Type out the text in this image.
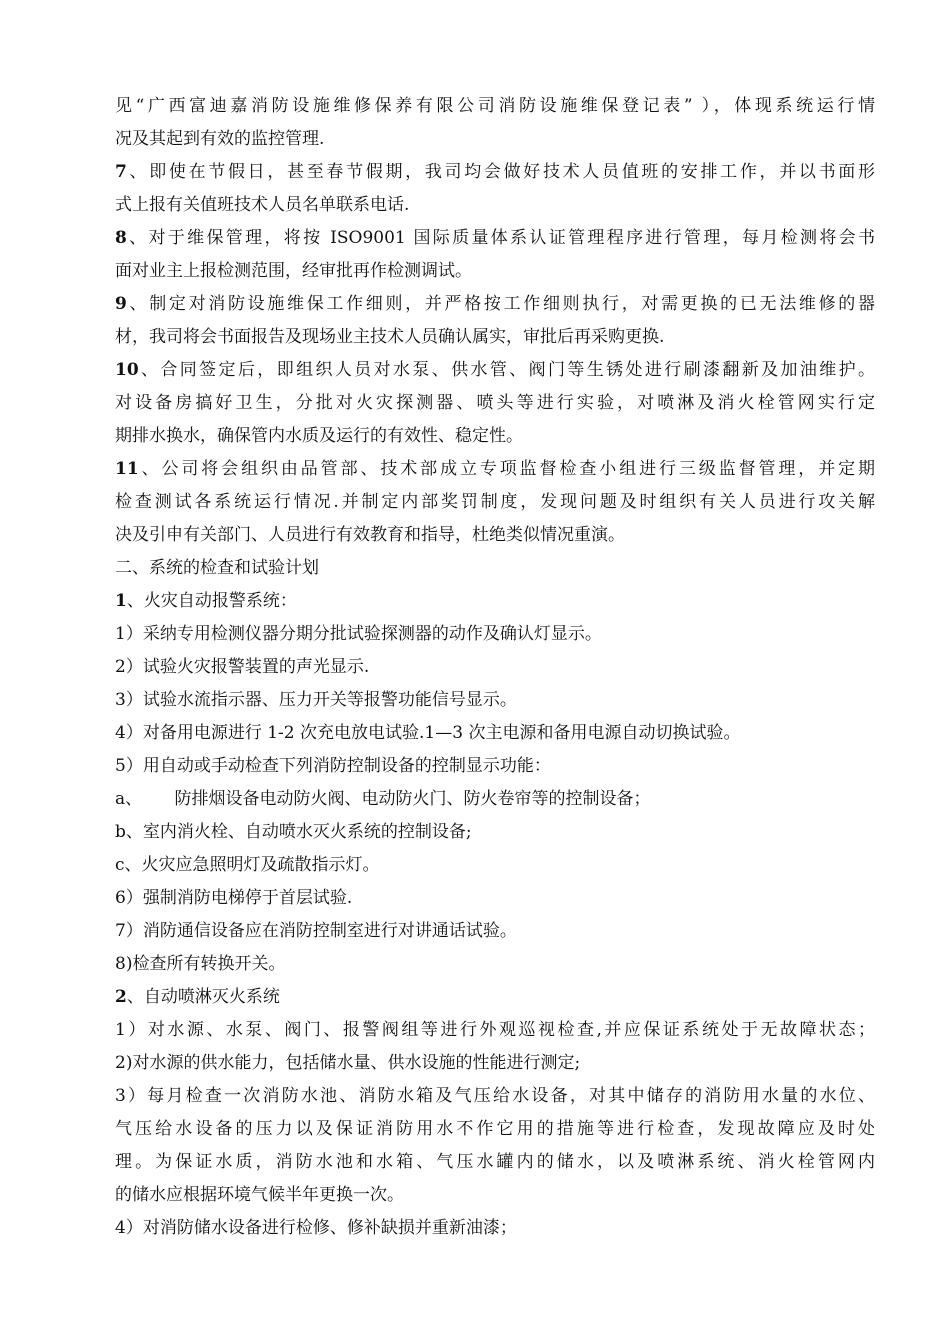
见“广西富迪嘉消防设施维修保养有限公司消防设施维保登记表” ），体现系统运行情
况及其起到有效的监控管理.
7、即使在节假日，甚至春节假期，我司均会做好技术人员值班的安排工作，并以书面形
式上报有关值班技术人员名单联系电话.
8、对于维保管理，将按 ISO9001 国际质量体系认证管理程序进行管理，每月检测将会书
面对业主上报检测范围，经审批再作检测调试。
9、制定对消防设施维保工作细则，并严格按工作细则执行，对需更换的已无法维修的器
材，我司将会书面报告及现场业主技术人员确认属实，审批后再采购更换.
10、合同签定后，即组织人员对水泵、供水管、阀门等生锈处进行刷漆翻新及加油维护。
对设备房搞好卫生，分批对火灾探测器、喷头等进行实验，对喷淋及消火栓管网实行定
期排水换水，确保管内水质及运行的有效性、稳定性。
11、公司将会组织由品管部、技术部成立专项监督检查小组进行三级监督管理，并定期
检查测试各系统运行情况.并制定内部奖罚制度，发现问题及时组织有关人员进行攻关解
决及引申有关部门、人员进行有效教育和指导，杜绝类似情况重演。
二、系统的检查和试验计划
1、火灾自动报警系统：
1）采纳专用检测仪器分期分批试验探测器的动作及确认灯显示。
2）试验火灾报警装置的声光显示.
3）试验水流指示器、压力开关等报警功能信号显示。
4）对备用电源进行 1-2 次充电放电试验.1—3 次主电源和备用电源自动切换试验。
5）用自动或手动检查下列消防控制设备的控制显示功能：
a、      防排烟设备电动防火阀、电动防火门、防火卷帘等的控制设备；
b、室内消火栓、自动喷水灭火系统的控制设备;
c、火灾应急照明灯及疏散指示灯。
6）强制消防电梯停于首层试验.
7）消防通信设备应在消防控制室进行对讲通话试验。
8)检查所有转换开关。
2、自动喷淋灭火系统
1）对水源、水泵、阀门、报警阀组等进行外观巡视检查,并应保证系统处于无故障状态；
2)对水源的供水能力，包括储水量、供水设施的性能进行测定;
3）每月检查一次消防水池、消防水箱及气压给水设备，对其中储存的消防用水量的水位、
气压给水设备的压力以及保证消防用水不作它用的措施等进行检查，发现故障应及时处
理。为保证水质，消防水池和水箱、气压水罐内的储水，以及喷淋系统、消火栓管网内
的储水应根据环境气候半年更换一次。
4）对消防储水设备进行检修、修补缺损并重新油漆；
